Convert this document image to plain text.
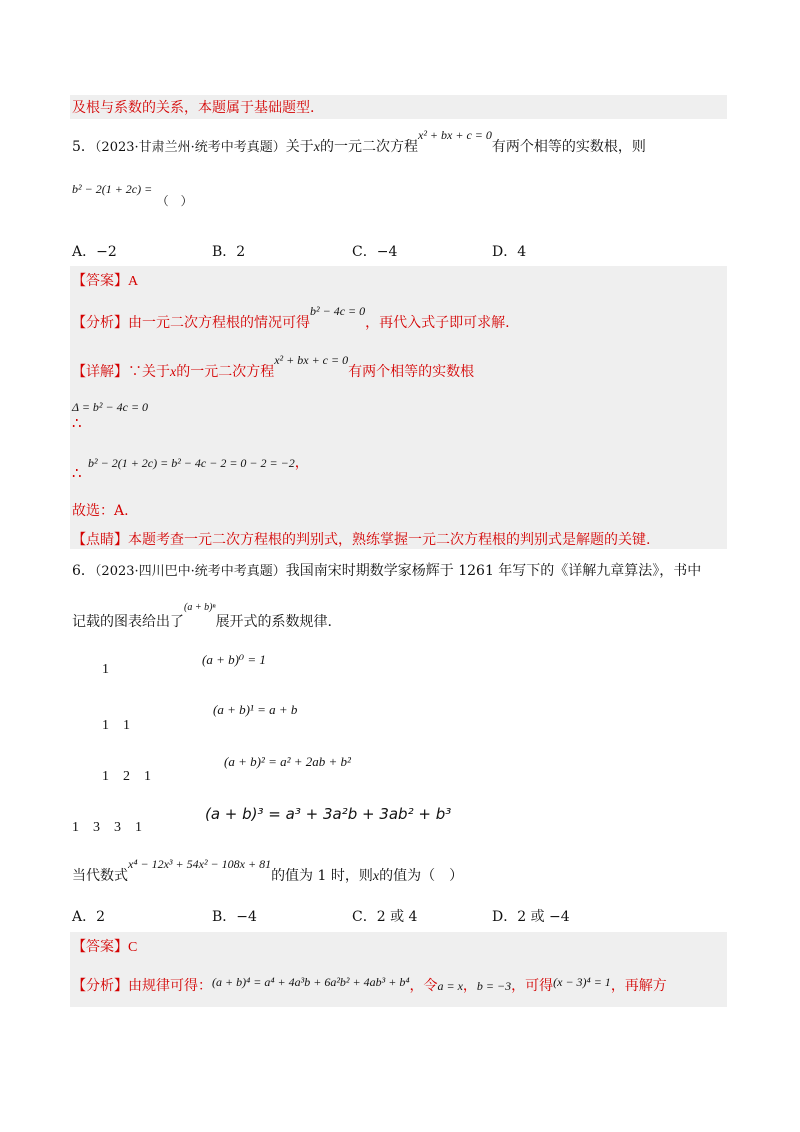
及根与系数的关系，本题属于基础题型.
5．（2023·甘肃兰州·统考中考真题）关于x的一元二次方程x² + bx + c = 0有两个相等的实数根，则
b² − 2(1 + 2c) = （　）
A．−2	B．2	C．−4	D．4
【答案】A
【分析】由一元二次方程根的情况可得b² − 4c = 0，再代入式子即可求解.
【详解】∵关于x的一元二次方程x² + bx + c = 0有两个相等的实数根
Δ = b² − 4c = 0
∴
b² − 2(1 + 2c) = b² − 4c − 2 = 0 − 2 = −2，
∴
故选：A.
【点睛】本题考查一元二次方程根的判别式，熟练掌握一元二次方程根的判别式是解题的关键.
6．（2023·四川巴中·统考中考真题）我国南宋时期数学家杨辉于 1261 年写下的《详解九章算法》，书中
记载的图表给出了$^{(a + b)^n}$展开式的系数规律.
1
1　1
1　2　1
1　3　3　1
(a + b)⁰ = 1
(a + b)¹ = a + b
(a + b)² = a² + 2ab + b²
(a + b)³ = a³ + 3a²b + 3ab² + b³
当代数式x⁴ − 12x³ + 54x² − 108x + 81的值为 1 时，则x的值为（　）
A．2	B．−4	C．2 或 4	D．2 或 −4
【答案】C
【分析】由规律可得：(a + b)⁴ = a⁴ + 4a³b + 6a²b² + 4ab³ + b⁴，令a = x，b = −3，可得(x − 3)⁴ = 1，再解方
